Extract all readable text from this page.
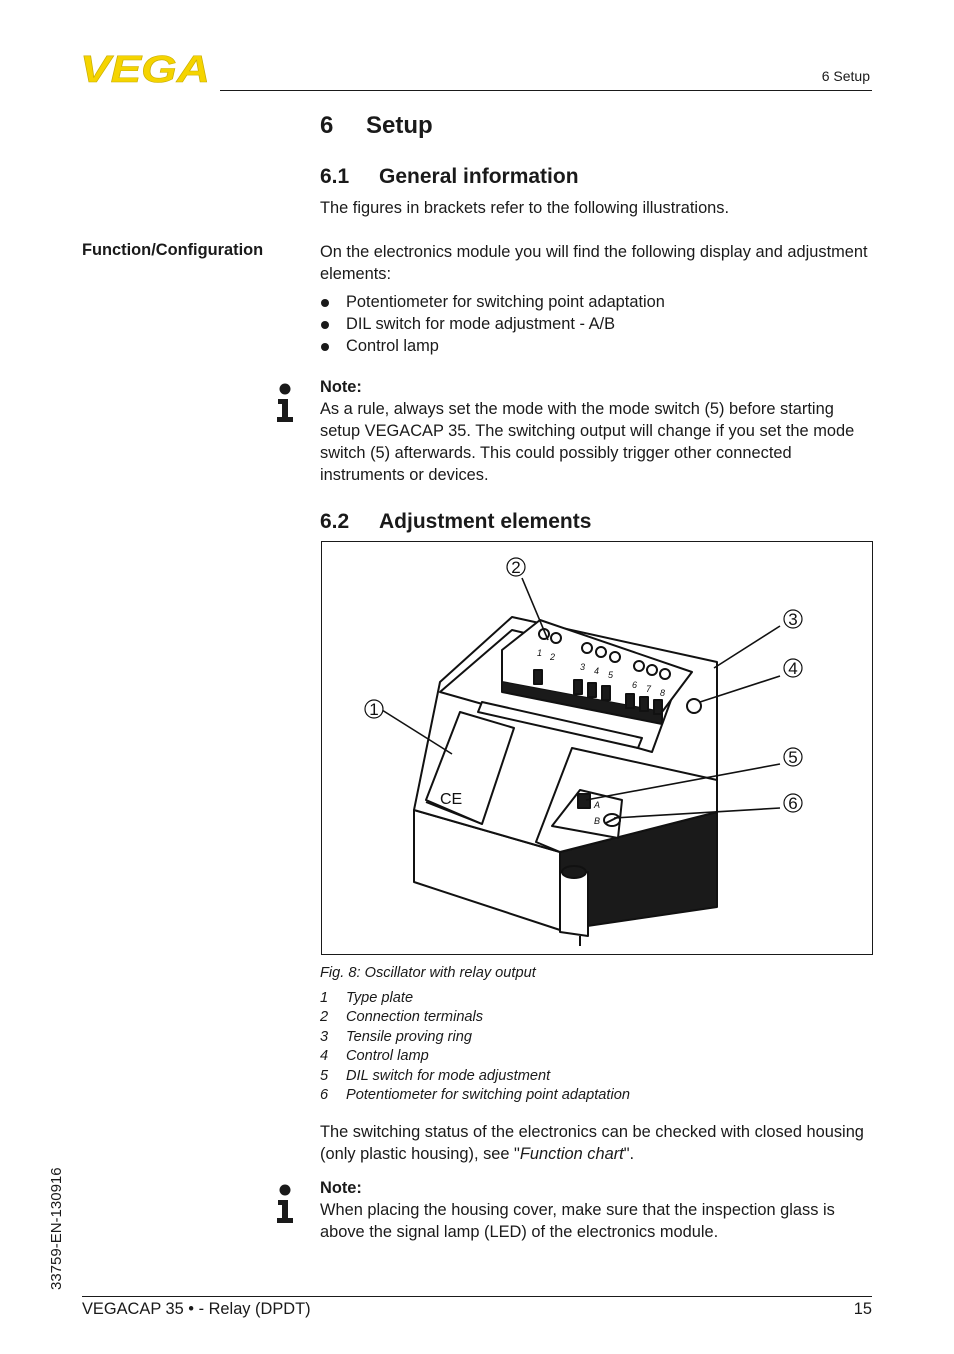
VEGA	6 Setup
6 Setup
6.1 General information
The figures in brackets refer to the following illustrations.
Function/Configuration	On the electronics module you will find the following display and adjustment elements:
Potentiometer for switching point adaptation
DIL switch for mode adjustment - A/B
Control lamp
Note:
As a rule, always set the mode with the mode switch (5) before starting setup VEGACAP 35. The switching output will change if you set the mode switch (5) afterwards. This could possibly trigger other connected instruments or devices.
6.2 Adjustment elements
CE
1 2
3 4 5
6 7 8
A
B
2
3
4
1
5
6
Fig. 8: Oscillator with relay output
1 Type plate
2 Connection terminals
3 Tensile proving ring
4 Control lamp
5 DIL switch for mode adjustment
6 Potentiometer for switching point adaptation
The switching status of the electronics can be checked with closed housing (only plastic housing), see "Function chart".
Note:
When placing the housing cover, make sure that the inspection glass is above the signal lamp (LED) of the electronics module.
33759-EN-130916
VEGACAP 35 • - Relay (DPDT)	15
